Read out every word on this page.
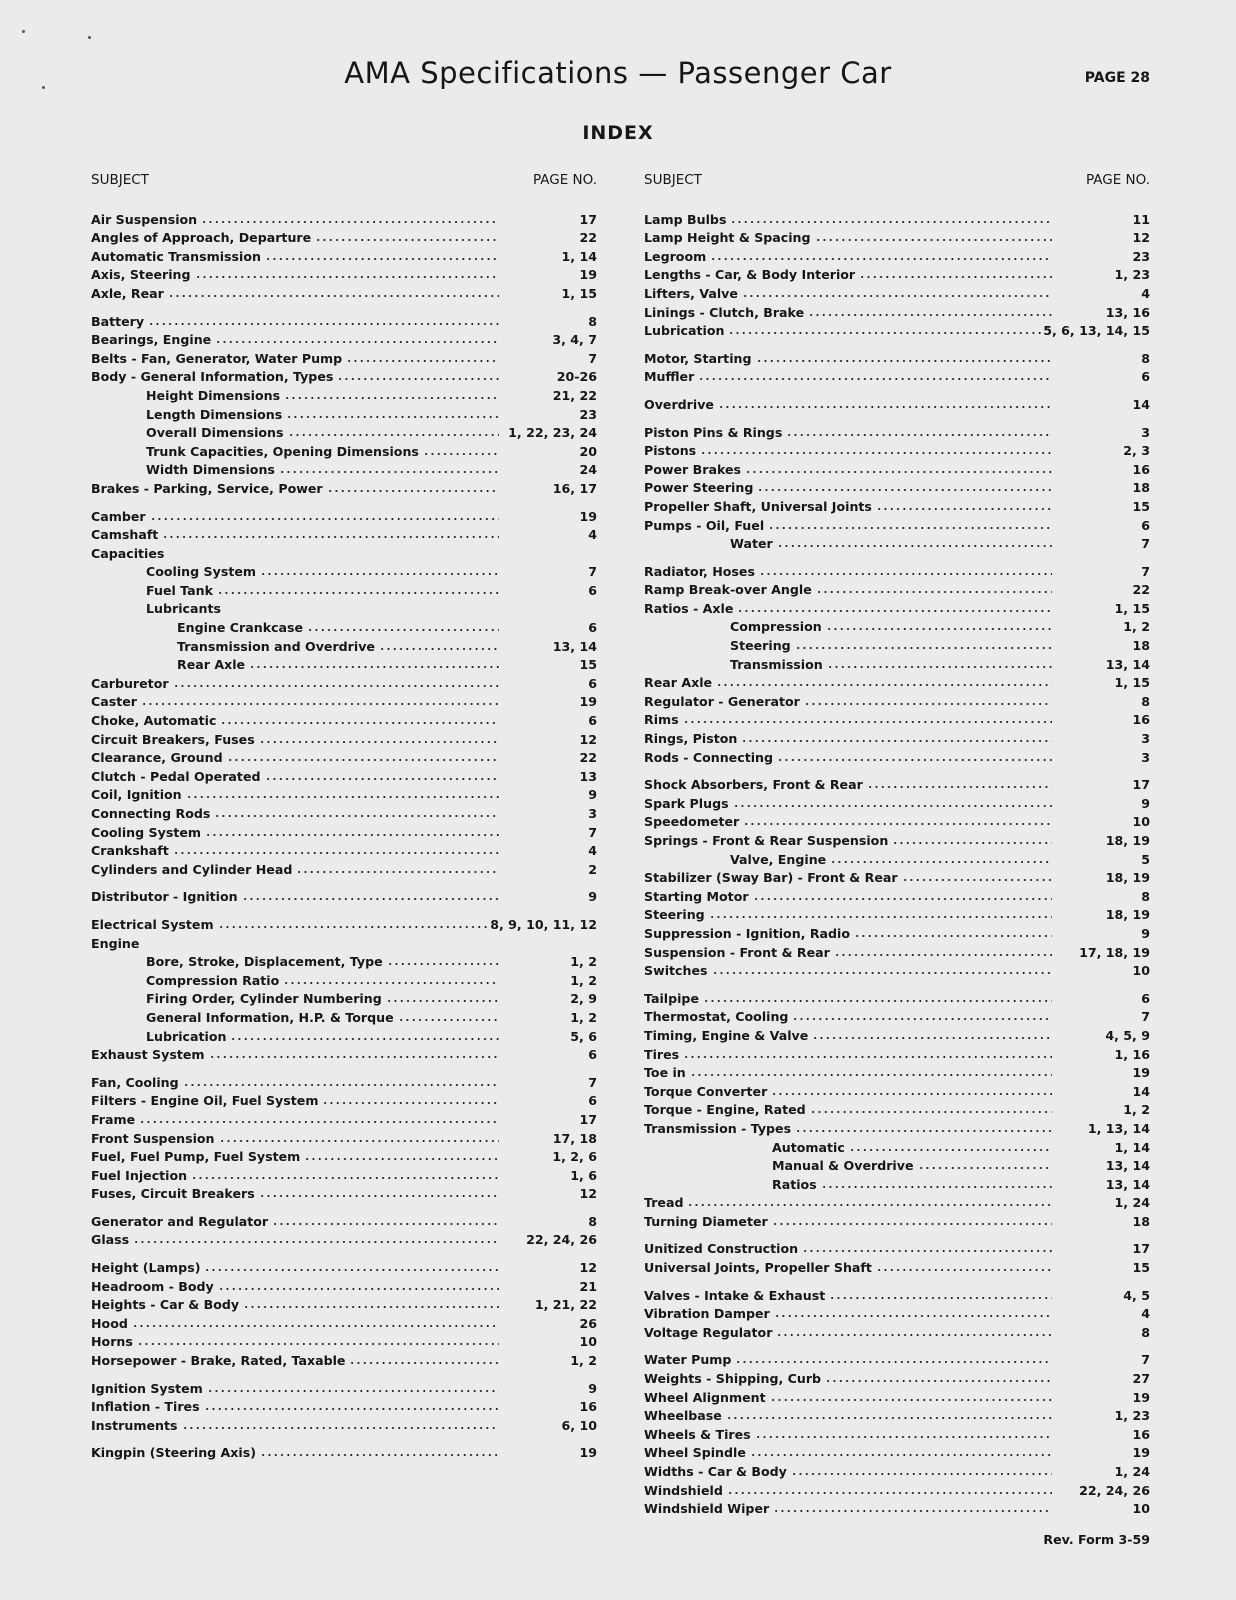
AMA Specifications — Passenger Car	PAGE 28
INDEX
SUBJECT	PAGE NO.
Air Suspension	17
Angles of Approach, Departure	22
Automatic Transmission	1, 14
Axis, Steering	19
Axle, Rear	1, 15
Battery	8
Bearings, Engine	3, 4, 7
Belts - Fan, Generator, Water Pump	7
Body - General Information, Types	20-26
Height Dimensions	21, 22
Length Dimensions	23
Overall Dimensions	1, 22, 23, 24
Trunk Capacities, Opening Dimensions	20
Width Dimensions	24
Brakes - Parking, Service, Power	16, 17
Camber	19
Camshaft	4
Capacities
Cooling System	7
Fuel Tank	6
Lubricants
Engine Crankcase	6
Transmission and Overdrive	13, 14
Rear Axle	15
Carburetor	6
Caster	19
Choke, Automatic	6
Circuit Breakers, Fuses	12
Clearance, Ground	22
Clutch - Pedal Operated	13
Coil, Ignition	9
Connecting Rods	3
Cooling System	7
Crankshaft	4
Cylinders and Cylinder Head	2
Distributor - Ignition	9
Electrical System	8, 9, 10, 11, 12
Engine
Bore, Stroke, Displacement, Type	1, 2
Compression Ratio	1, 2
Firing Order, Cylinder Numbering	2, 9
General Information, H.P. & Torque	1, 2
Lubrication	5, 6
Exhaust System	6
Fan, Cooling	7
Filters - Engine Oil, Fuel System	6
Frame	17
Front Suspension	17, 18
Fuel, Fuel Pump, Fuel System	1, 2, 6
Fuel Injection	1, 6
Fuses, Circuit Breakers	12
Generator and Regulator	8
Glass	22, 24, 26
Height (Lamps)	12
Headroom - Body	21
Heights - Car & Body	1, 21, 22
Hood	26
Horns	10
Horsepower - Brake, Rated, Taxable	1, 2
Ignition System	9
Inflation - Tires	16
Instruments	6, 10
Kingpin (Steering Axis)	19
SUBJECT	PAGE NO.
Lamp Bulbs	11
Lamp Height & Spacing	12
Legroom	23
Lengths - Car, & Body Interior	1, 23
Lifters, Valve	4
Linings - Clutch, Brake	13, 16
Lubrication	5, 6, 13, 14, 15
Motor, Starting	8
Muffler	6
Overdrive	14
Piston Pins & Rings	3
Pistons	2, 3
Power Brakes	16
Power Steering	18
Propeller Shaft, Universal Joints	15
Pumps - Oil, Fuel	6
Water	7
Radiator, Hoses	7
Ramp Break-over Angle	22
Ratios - Axle	1, 15
Compression	1, 2
Steering	18
Transmission	13, 14
Rear Axle	1, 15
Regulator - Generator	8
Rims	16
Rings, Piston	3
Rods - Connecting	3
Shock Absorbers, Front & Rear	17
Spark Plugs	9
Speedometer	10
Springs - Front & Rear Suspension	18, 19
Valve, Engine	5
Stabilizer (Sway Bar) - Front & Rear	18, 19
Starting Motor	8
Steering	18, 19
Suppression - Ignition, Radio	9
Suspension - Front & Rear	17, 18, 19
Switches	10
Tailpipe	6
Thermostat, Cooling	7
Timing, Engine & Valve	4, 5, 9
Tires	1, 16
Toe in	19
Torque Converter	14
Torque - Engine, Rated	1, 2
Transmission - Types	1, 13, 14
Automatic	1, 14
Manual & Overdrive	13, 14
Ratios	13, 14
Tread	1, 24
Turning Diameter	18
Unitized Construction	17
Universal Joints, Propeller Shaft	15
Valves - Intake & Exhaust	4, 5
Vibration Damper	4
Voltage Regulator	8
Water Pump	7
Weights - Shipping, Curb	27
Wheel Alignment	19
Wheelbase	1, 23
Wheels & Tires	16
Wheel Spindle	19
Widths - Car & Body	1, 24
Windshield	22, 24, 26
Windshield Wiper	10
Rev. Form 3-59
